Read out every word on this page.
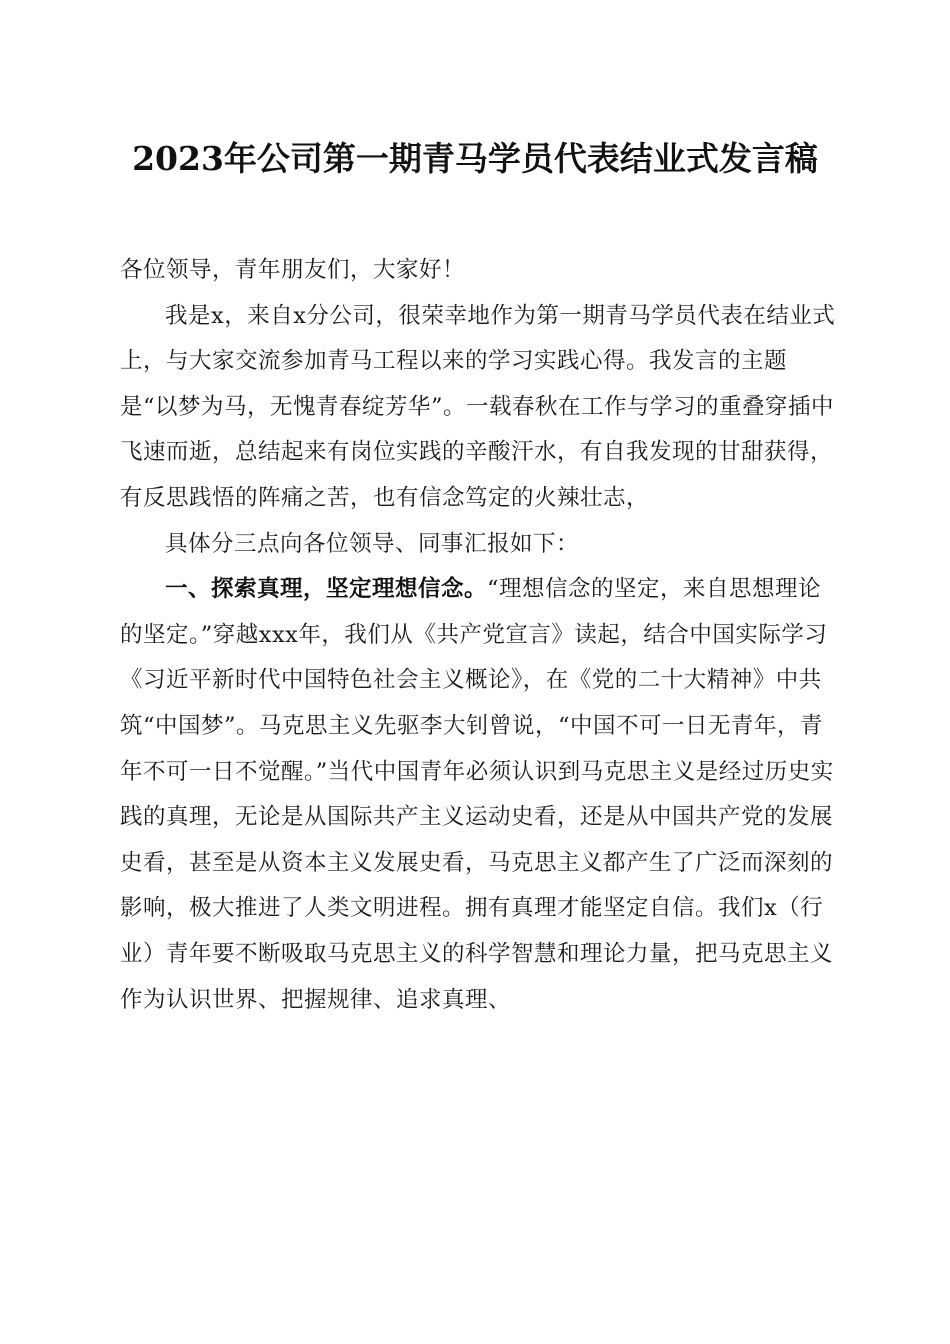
2023年公司第一期青马学员代表结业式发言稿

各位领导，青年朋友们，大家好！

我是x，来自x分公司，很荣幸地作为第一期青马学员代表在结业式上，与大家交流参加青马工程以来的学习实践心得。我发言的主题是“以梦为马，无愧青春绽芳华”。一载春秋在工作与学习的重叠穿插中飞速而逝，总结起来有岗位实践的辛酸汗水，有自我发现的甘甜获得，有反思践悟的阵痛之苦，也有信念笃定的火辣壮志，

具体分三点向各位领导、同事汇报如下：

一、探索真理，坚定理想信念。“理想信念的坚定，来自思想理论的坚定。”穿越xxx年，我们从《共产党宣言》读起，结合中国实际学习《习近平新时代中国特色社会主义概论》，在《党的二十大精神》中共筑“中国梦”。马克思主义先驱李大钊曾说，“中国不可一日无青年，青年不可一日不觉醒。”当代中国青年必须认识到马克思主义是经过历史实践的真理，无论是从国际共产主义运动史看，还是从中国共产党的发展史看，甚至是从资本主义发展史看，马克思主义都产生了广泛而深刻的影响，极大推进了人类文明进程。拥有真理才能坚定自信。我们x（行业）青年要不断吸取马克思主义的科学智慧和理论力量，把马克思主义作为认识世界、把握规律、追求真理、
